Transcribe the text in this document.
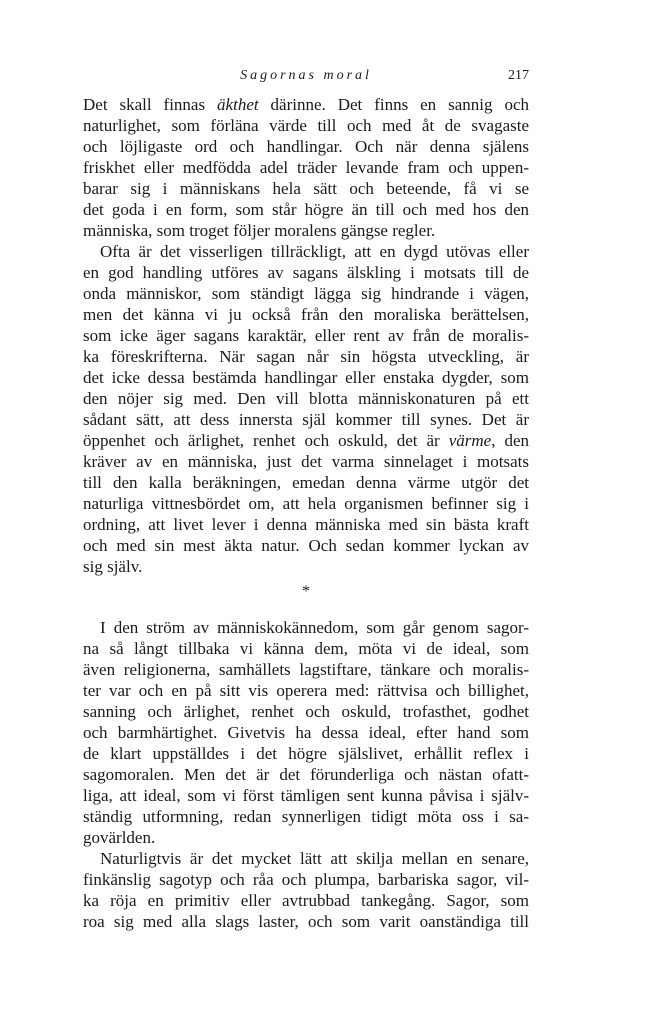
Sagornas moral	217
Det skall finnas äkthet därinne. Det finns en sannig och
naturlighet, som förläna värde till och med åt de svagaste
och löjligaste ord och handlingar. Och när denna själens
friskhet eller medfödda adel träder levande fram och uppen-
barar sig i människans hela sätt och beteende, få vi se
det goda i en form, som står högre än till och med hos den
människa, som troget följer moralens gängse regler.
Ofta är det visserligen tillräckligt, att en dygd utövas eller
en god handling utföres av sagans älskling i motsats till de
onda människor, som ständigt lägga sig hindrande i vägen,
men det känna vi ju också från den moraliska berättelsen,
som icke äger sagans karaktär, eller rent av från de moralis-
ka föreskrifterna. När sagan når sin högsta utveckling, är
det icke dessa bestämda handlingar eller enstaka dygder, som
den nöjer sig med. Den vill blotta människonaturen på ett
sådant sätt, att dess innersta själ kommer till synes. Det är
öppenhet och ärlighet, renhet och oskuld, det är värme, den
kräver av en människa, just det varma sinnelaget i motsats
till den kalla beräkningen, emedan denna värme utgör det
naturliga vittnesbördet om, att hela organismen befinner sig i
ordning, att livet lever i denna människa med sin bästa kraft
och med sin mest äkta natur. Och sedan kommer lyckan av
sig själv.
*
I den ström av människokännedom, som går genom sagor-
na så långt tillbaka vi känna dem, möta vi de ideal, som
även religionerna, samhällets lagstiftare, tänkare och moralis-
ter var och en på sitt vis operera med: rättvisa och billighet,
sanning och ärlighet, renhet och oskuld, trofasthet, godhet
och barmhärtighet. Givetvis ha dessa ideal, efter hand som
de klart uppställdes i det högre själslivet, erhållit reflex i
sagomoralen. Men det är det förunderliga och nästan ofatt-
liga, att ideal, som vi först tämligen sent kunna påvisa i själv-
ständig utformning, redan synnerligen tidigt möta oss i sa-
govärlden.
Naturligtvis är det mycket lätt att skilja mellan en senare,
finkänslig sagotyp och råa och plumpa, barbariska sagor, vil-
ka röja en primitiv eller avtrubbad tankegång. Sagor, som
roa sig med alla slags laster, och som varit oanständiga till
